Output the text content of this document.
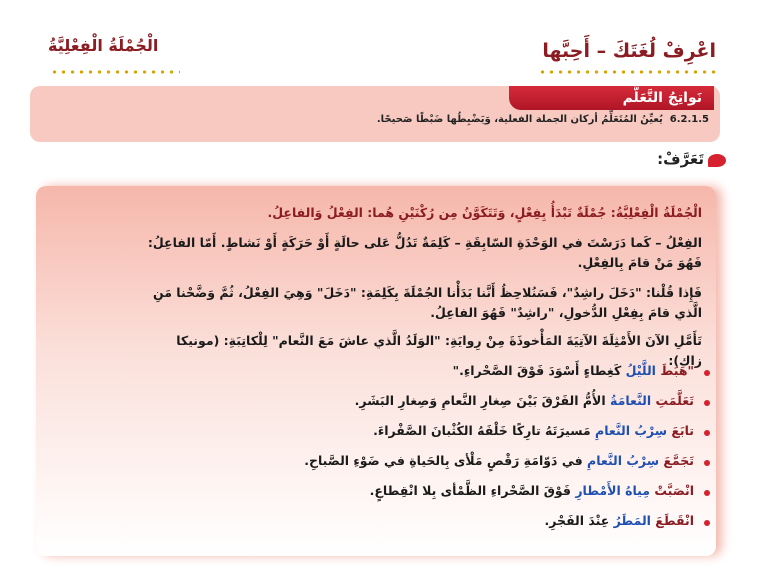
اعْرِفْ لُغَتَكَ – أَحِبَّها
الْجُمْلَةُ الْفِعْلِيَّةُ
نَواتِجُ التَّعَلُّم
6.2.1.5  يُعيِّنُ المُتَعَلِّمُ أركان الجملة الفعلية، وَيَضْبِطُها ضَبْطًا صَحيحًا.
تَعَرَّفْ:
الْجُمْلَةُ الْفِعْلِيَّةُ: جُمْلَةٌ تَبْدَأُ بِفِعْلٍ، وَتَتَكَوَّنُ مِن رُكْنَيْنِ هُما: الفِعْلُ وَالفاعِلُ.
الفِعْلُ – كَما دَرَسْتَ في الوَحْدَةِ السّابِقَةِ – كَلِمَةٌ تَدُلُّ عَلى حالَةٍ أَوْ حَرَكَةٍ أَوْ نَشاطٍ. أَمّا الفاعِلُ: فَهُوَ مَنْ قامَ بِالفِعْلِ.
فَإِذا قُلْنا: "دَخَلَ راشِدٌ"، فَسَنُلاحِظُ أَنَّنا بَدَأْنا الجُمْلَةَ بِكَلِمَةِ: "دَخَلَ" وَهِيَ الفِعْلُ، ثُمَّ وَضَّحْنا مَنِ الَّذي قامَ بِفِعْلِ الدُّخولِ، "راشِدٌ" فَهُوَ الفاعِلُ.
تَأَمَّلِ الآنَ الأَمْثِلَةَ الآتِيَةَ المَأْخوذَةَ مِنْ رِوايَةِ: "الوَلَدُ الَّذي عاشَ مَعَ النَّعام" لِلْكاتِبَةِ: (مونيكا زاك):
"هَبَطَ اللَّيْلُ كَغِطاءٍ أَسْوَدَ فَوْقَ الصَّحْراءِ."
تَعَلَّمَتِ النَّعامَةُ الأُمُّ الفَرْقَ بَيْنَ صِغارِ النَّعامِ وَصِغارِ البَشَرِ.
تابَعَ سِرْبُ النَّعامِ مَسيرَتَهُ تارِكًا خَلْفَهُ الكُثْبانَ الصَّفْراءَ.
تَجَمَّعَ سِرْبُ النَّعامِ في دَوّامَةِ رَقْصٍ مَلْأى بِالحَياةِ في ضَوْءِ الصَّباحِ.
انْصَبَّتْ مِياهُ الأَمْطارِ فَوْقَ الصَّحْراءِ الظَّمْأى بِلا انْقِطاعٍ.
انْقَطَعَ المَطَرُ عِنْدَ الفَجْرِ.
